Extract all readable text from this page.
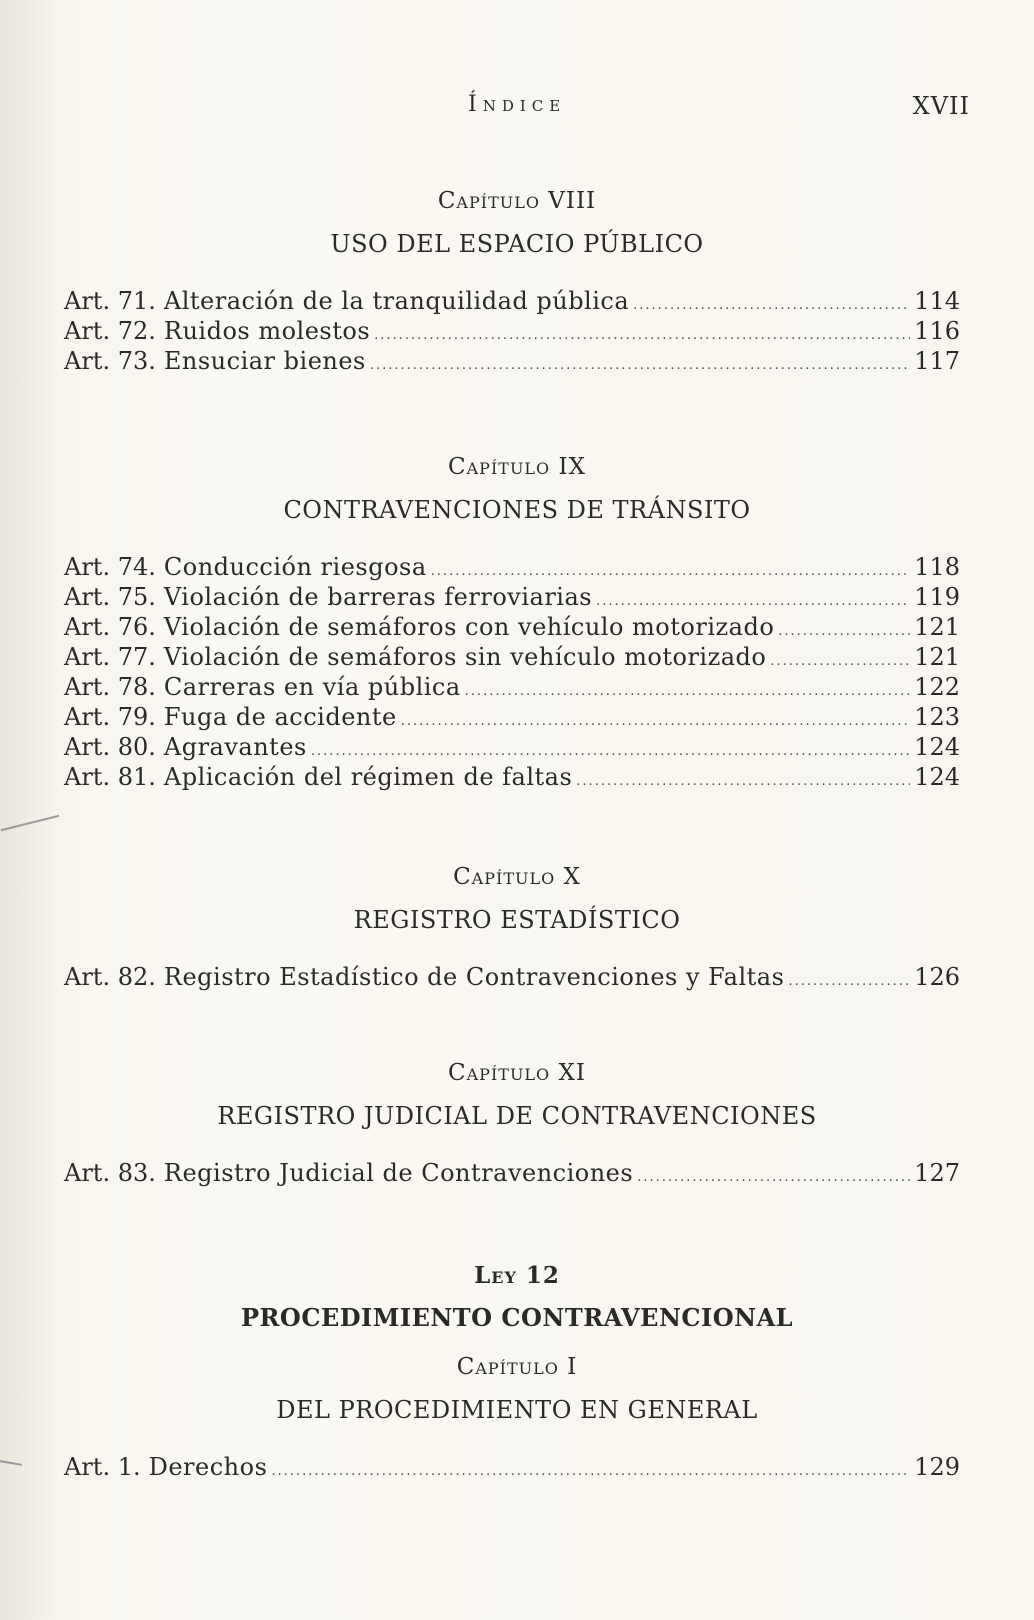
Índice	XVII
Capítulo VIII
USO DEL ESPACIO PÚBLICO
Art. 71. Alteración de la tranquilidad pública .....	114
Art. 72. Ruidos molestos .....	116
Art. 73. Ensuciar bienes .....	117
Capítulo IX
CONTRAVENCIONES DE TRÁNSITO
Art. 74. Conducción riesgosa .....	118
Art. 75. Violación de barreras ferroviarias .....	119
Art. 76. Violación de semáforos con vehículo motorizado .....	121
Art. 77. Violación de semáforos sin vehículo motorizado .....	121
Art. 78. Carreras en vía pública .....	122
Art. 79. Fuga de accidente .....	123
Art. 80. Agravantes .....	124
Art. 81. Aplicación del régimen de faltas .....	124
Capítulo X
REGISTRO ESTADÍSTICO
Art. 82. Registro Estadístico de Contravenciones y Faltas .....	126
Capítulo XI
REGISTRO JUDICIAL DE CONTRAVENCIONES
Art. 83. Registro Judicial de Contravenciones .....	127
Ley 12
PROCEDIMIENTO CONTRAVENCIONAL
Capítulo I
DEL PROCEDIMIENTO EN GENERAL
Art. 1. Derechos .....	129
